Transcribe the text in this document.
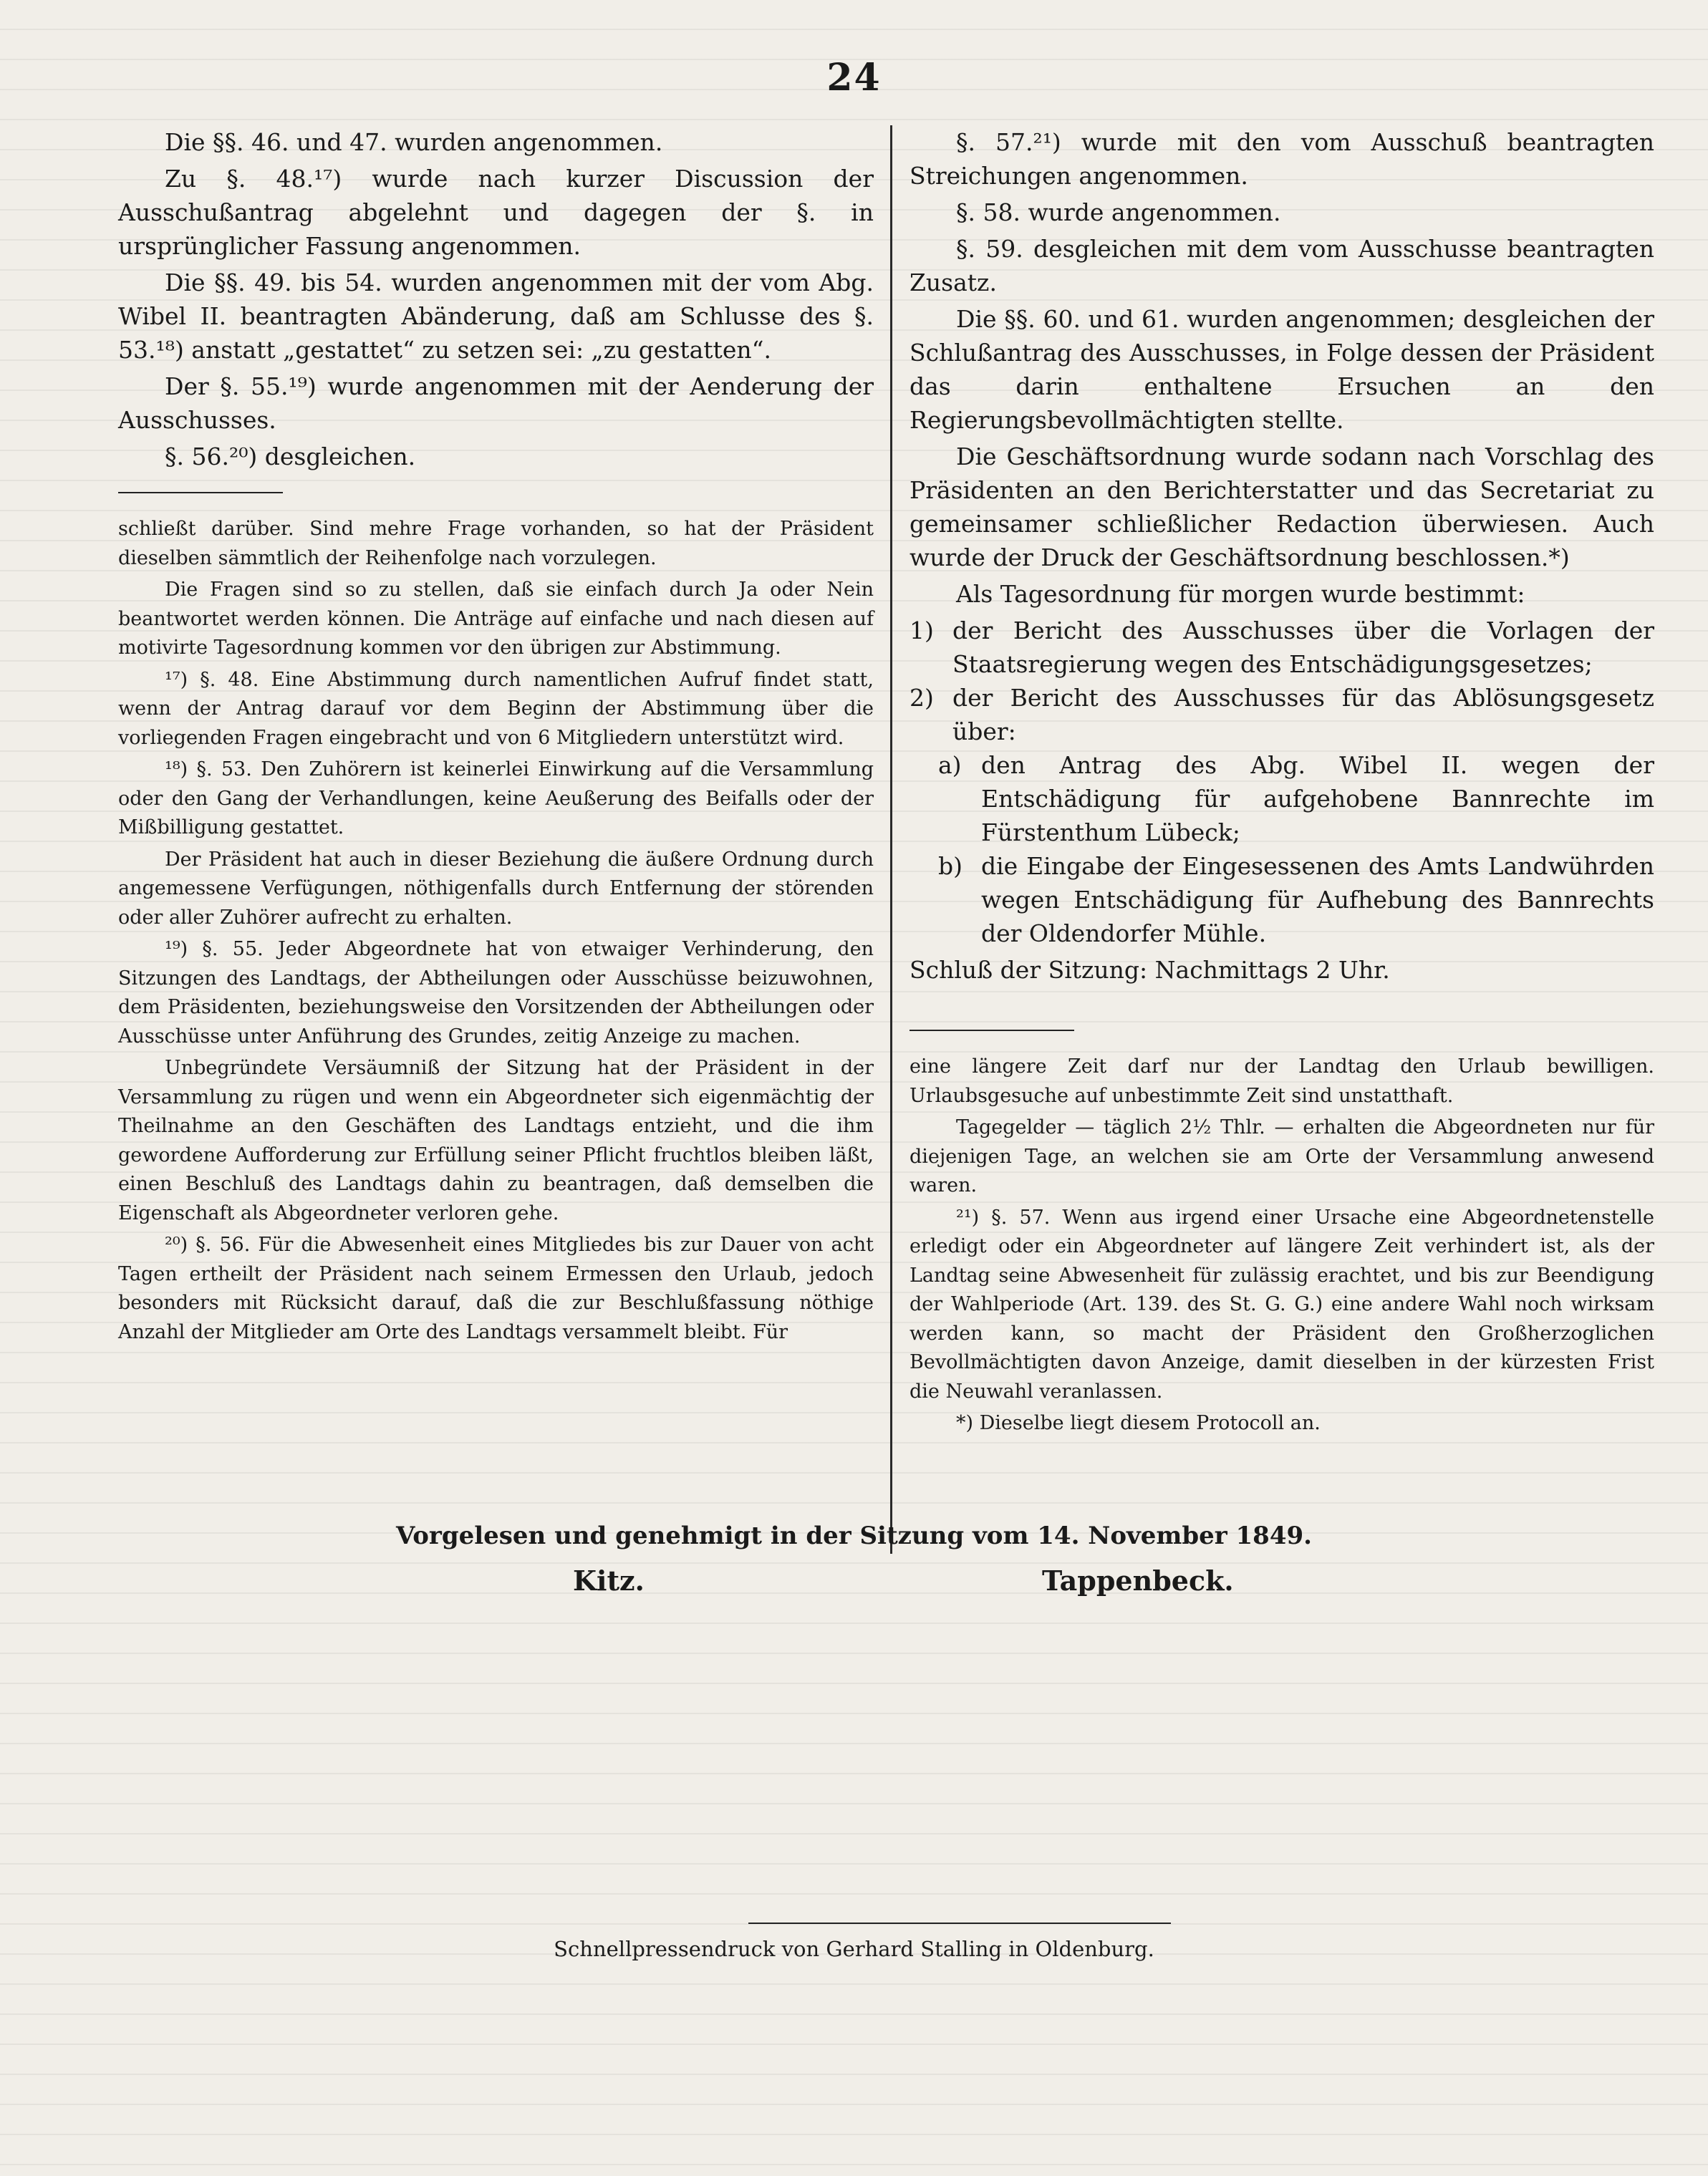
24

Die §§. 46. und 47. wurden angenommen.

Zu §. 48.¹⁷) wurde nach kurzer Discussion der Ausschußantrag abgelehnt und dagegen der §. in ursprünglicher Fassung angenommen.

Die §§. 49. bis 54. wurden angenommen mit der vom Abg. Wibel II. beantragten Abänderung, daß am Schlusse des §. 53.¹⁸) anstatt „gestattet“ zu setzen sei: „zu gestatten“.

Der §. 55.¹⁹) wurde angenommen mit der Aenderung der Ausschusses.

§. 56.²⁰) desgleichen.

schließt darüber. Sind mehre Frage vorhanden, so hat der Präsident dieselben sämmtlich der Reihenfolge nach vorzulegen.

Die Fragen sind so zu stellen, daß sie einfach durch Ja oder Nein beantwortet werden können. Die Anträge auf einfache und nach diesen auf motivirte Tagesordnung kommen vor den übrigen zur Abstimmung.

¹⁷) §. 48. Eine Abstimmung durch namentlichen Aufruf findet statt, wenn der Antrag darauf vor dem Beginn der Abstimmung über die vorliegenden Fragen eingebracht und von 6 Mitgliedern unterstützt wird.

¹⁸) §. 53. Den Zuhörern ist keinerlei Einwirkung auf die Versammlung oder den Gang der Verhandlungen, keine Aeußerung des Beifalls oder der Mißbilligung gestattet.

Der Präsident hat auch in dieser Beziehung die äußere Ordnung durch angemessene Verfügungen, nöthigenfalls durch Entfernung der störenden oder aller Zuhörer aufrecht zu erhalten.

¹⁹) §. 55. Jeder Abgeordnete hat von etwaiger Verhinderung, den Sitzungen des Landtags, der Abtheilungen oder Ausschüsse beizuwohnen, dem Präsidenten, beziehungsweise den Vorsitzenden der Abtheilungen oder Ausschüsse unter Anführung des Grundes, zeitig Anzeige zu machen.

Unbegründete Versäumniß der Sitzung hat der Präsident in der Versammlung zu rügen und wenn ein Abgeordneter sich eigenmächtig der Theilnahme an den Geschäften des Landtags entzieht, und die ihm gewordene Aufforderung zur Erfüllung seiner Pflicht fruchtlos bleiben läßt, einen Beschluß des Landtags dahin zu beantragen, daß demselben die Eigenschaft als Abgeordneter verloren gehe.

²⁰) §. 56. Für die Abwesenheit eines Mitgliedes bis zur Dauer von acht Tagen ertheilt der Präsident nach seinem Ermessen den Urlaub, jedoch besonders mit Rücksicht darauf, daß die zur Beschlußfassung nöthige Anzahl der Mitglieder am Orte des Landtags versammelt bleibt. Für

§. 57.²¹) wurde mit den vom Ausschuß beantragten Streichungen angenommen.

§. 58. wurde angenommen.

§. 59. desgleichen mit dem vom Ausschusse beantragten Zusatz.

Die §§. 60. und 61. wurden angenommen; desgleichen der Schlußantrag des Ausschusses, in Folge dessen der Präsident das darin enthaltene Ersuchen an den Regierungsbevollmächtigten stellte.

Die Geschäftsordnung wurde sodann nach Vorschlag des Präsidenten an den Berichterstatter und das Secretariat zu gemeinsamer schließlicher Redaction überwiesen. Auch wurde der Druck der Geschäftsordnung beschlossen.*)

Als Tagesordnung für morgen wurde bestimmt:

1) der Bericht des Ausschusses über die Vorlagen der Staatsregierung wegen des Entschädigungsgesetzes;
2) der Bericht des Ausschusses für das Ablösungsgesetz über:
a) den Antrag des Abg. Wibel II. wegen der Entschädigung für aufgehobene Bannrechte im Fürstenthum Lübeck;
b) die Eingabe der Eingesessenen des Amts Landwührden wegen Entschädigung für Aufhebung des Bannrechts der Oldendorfer Mühle.

Schluß der Sitzung: Nachmittags 2 Uhr.

eine längere Zeit darf nur der Landtag den Urlaub bewilligen. Urlaubsgesuche auf unbestimmte Zeit sind unstatthaft.

Tagegelder — täglich 2½ Thlr. — erhalten die Abgeordneten nur für diejenigen Tage, an welchen sie am Orte der Versammlung anwesend waren.

²¹) §. 57. Wenn aus irgend einer Ursache eine Abgeordnetenstelle erledigt oder ein Abgeordneter auf längere Zeit verhindert ist, als der Landtag seine Abwesenheit für zulässig erachtet, und bis zur Beendigung der Wahlperiode (Art. 139. des St. G. G.) eine andere Wahl noch wirksam werden kann, so macht der Präsident den Großherzoglichen Bevollmächtigten davon Anzeige, damit dieselben in der kürzesten Frist die Neuwahl veranlassen.

*) Dieselbe liegt diesem Protocoll an.

Vorgelesen und genehmigt in der Sitzung vom 14. November 1849.
Kitz.	Tappenbeck.
Schnellpressendruck von Gerhard Stalling in Oldenburg.
